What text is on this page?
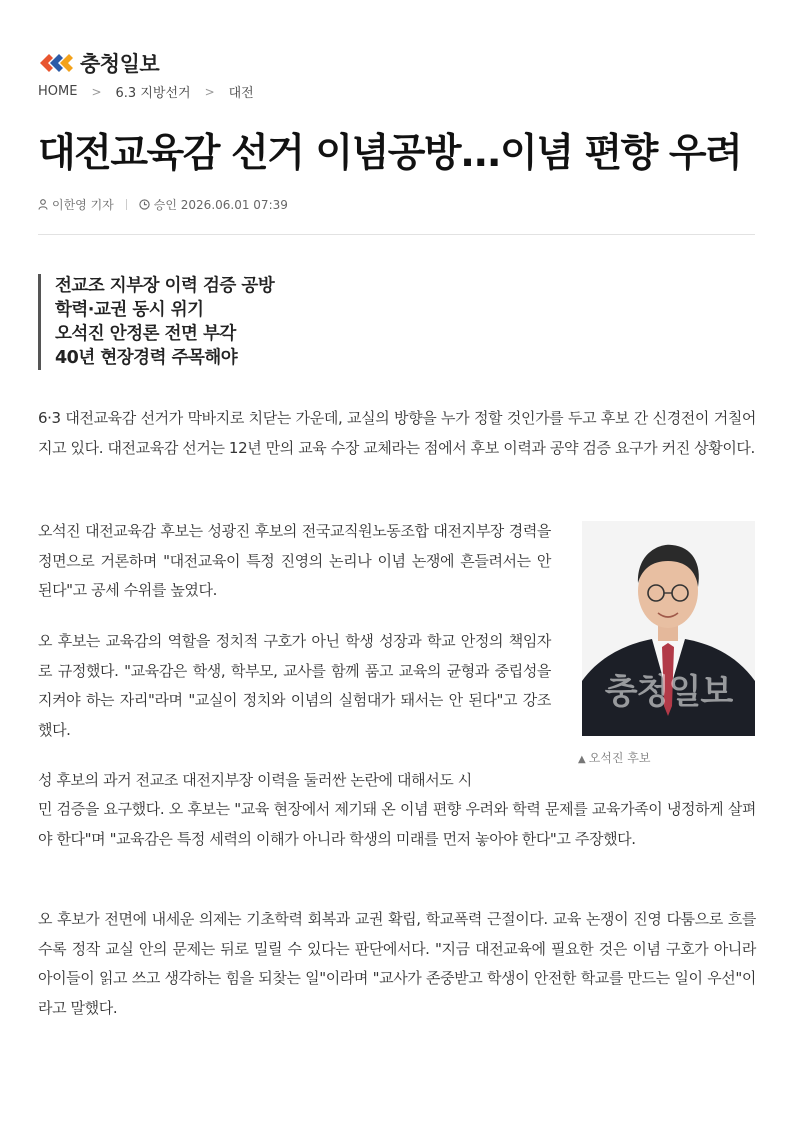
충청일보
HOME > 6.3 지방선거 > 대전
대전교육감 선거 이념공방...이념 편향 우려
이한영 기자	승인 2026.06.01 07:39
전교조 지부장 이력 검증 공방
학력·교권 동시 위기
오석진 안정론 전면 부각
40년 현장경력 주목해야

6·3 대전교육감 선거가 막바지로 치닫는 가운데, 교실의 방향을 누가 정할 것인가를 두고 후보 간 신경전이 거칠어지고 있다. 대전교육감 선거는 12년 만의 교육 수장 교체라는 점에서 후보 이력과 공약 검증 요구가 커진 상황이다.

오석진 대전교육감 후보는 성광진 후보의 전국교직원노동조합 대전지부장 경력을 정면으로 거론하며 "대전교육이 특정 진영의 논리나 이념 논쟁에 흔들려서는 안 된다"고 공세 수위를 높였다.

오 후보는 교육감의 역할을 정치적 구호가 아닌 학생 성장과 학교 안정의 책임자로 규정했다. "교육감은 학생, 학부모, 교사를 함께 품고 교육의 균형과 중립성을 지켜야 하는 자리"라며 "교실이 정치와 이념의 실험대가 돼서는 안 된다"고 강조했다.

충청일보
▲ 오석진 후보

성 후보의 과거 전교조 대전지부장 이력을 둘러싼 논란에 대해서도 시

민 검증을 요구했다. 오 후보는 "교육 현장에서 제기돼 온 이념 편향 우려와 학력 문제를 교육가족이 냉정하게 살펴야 한다"며 "교육감은 특정 세력의 이해가 아니라 학생의 미래를 먼저 놓아야 한다"고 주장했다.

오 후보가 전면에 내세운 의제는 기초학력 회복과 교권 확립, 학교폭력 근절이다. 교육 논쟁이 진영 다툼으로 흐를수록 정작 교실 안의 문제는 뒤로 밀릴 수 있다는 판단에서다. "지금 대전교육에 필요한 것은 이념 구호가 아니라 아이들이 읽고 쓰고 생각하는 힘을 되찾는 일"이라며 "교사가 존중받고 학생이 안전한 학교를 만드는 일이 우선"이라고 말했다.
